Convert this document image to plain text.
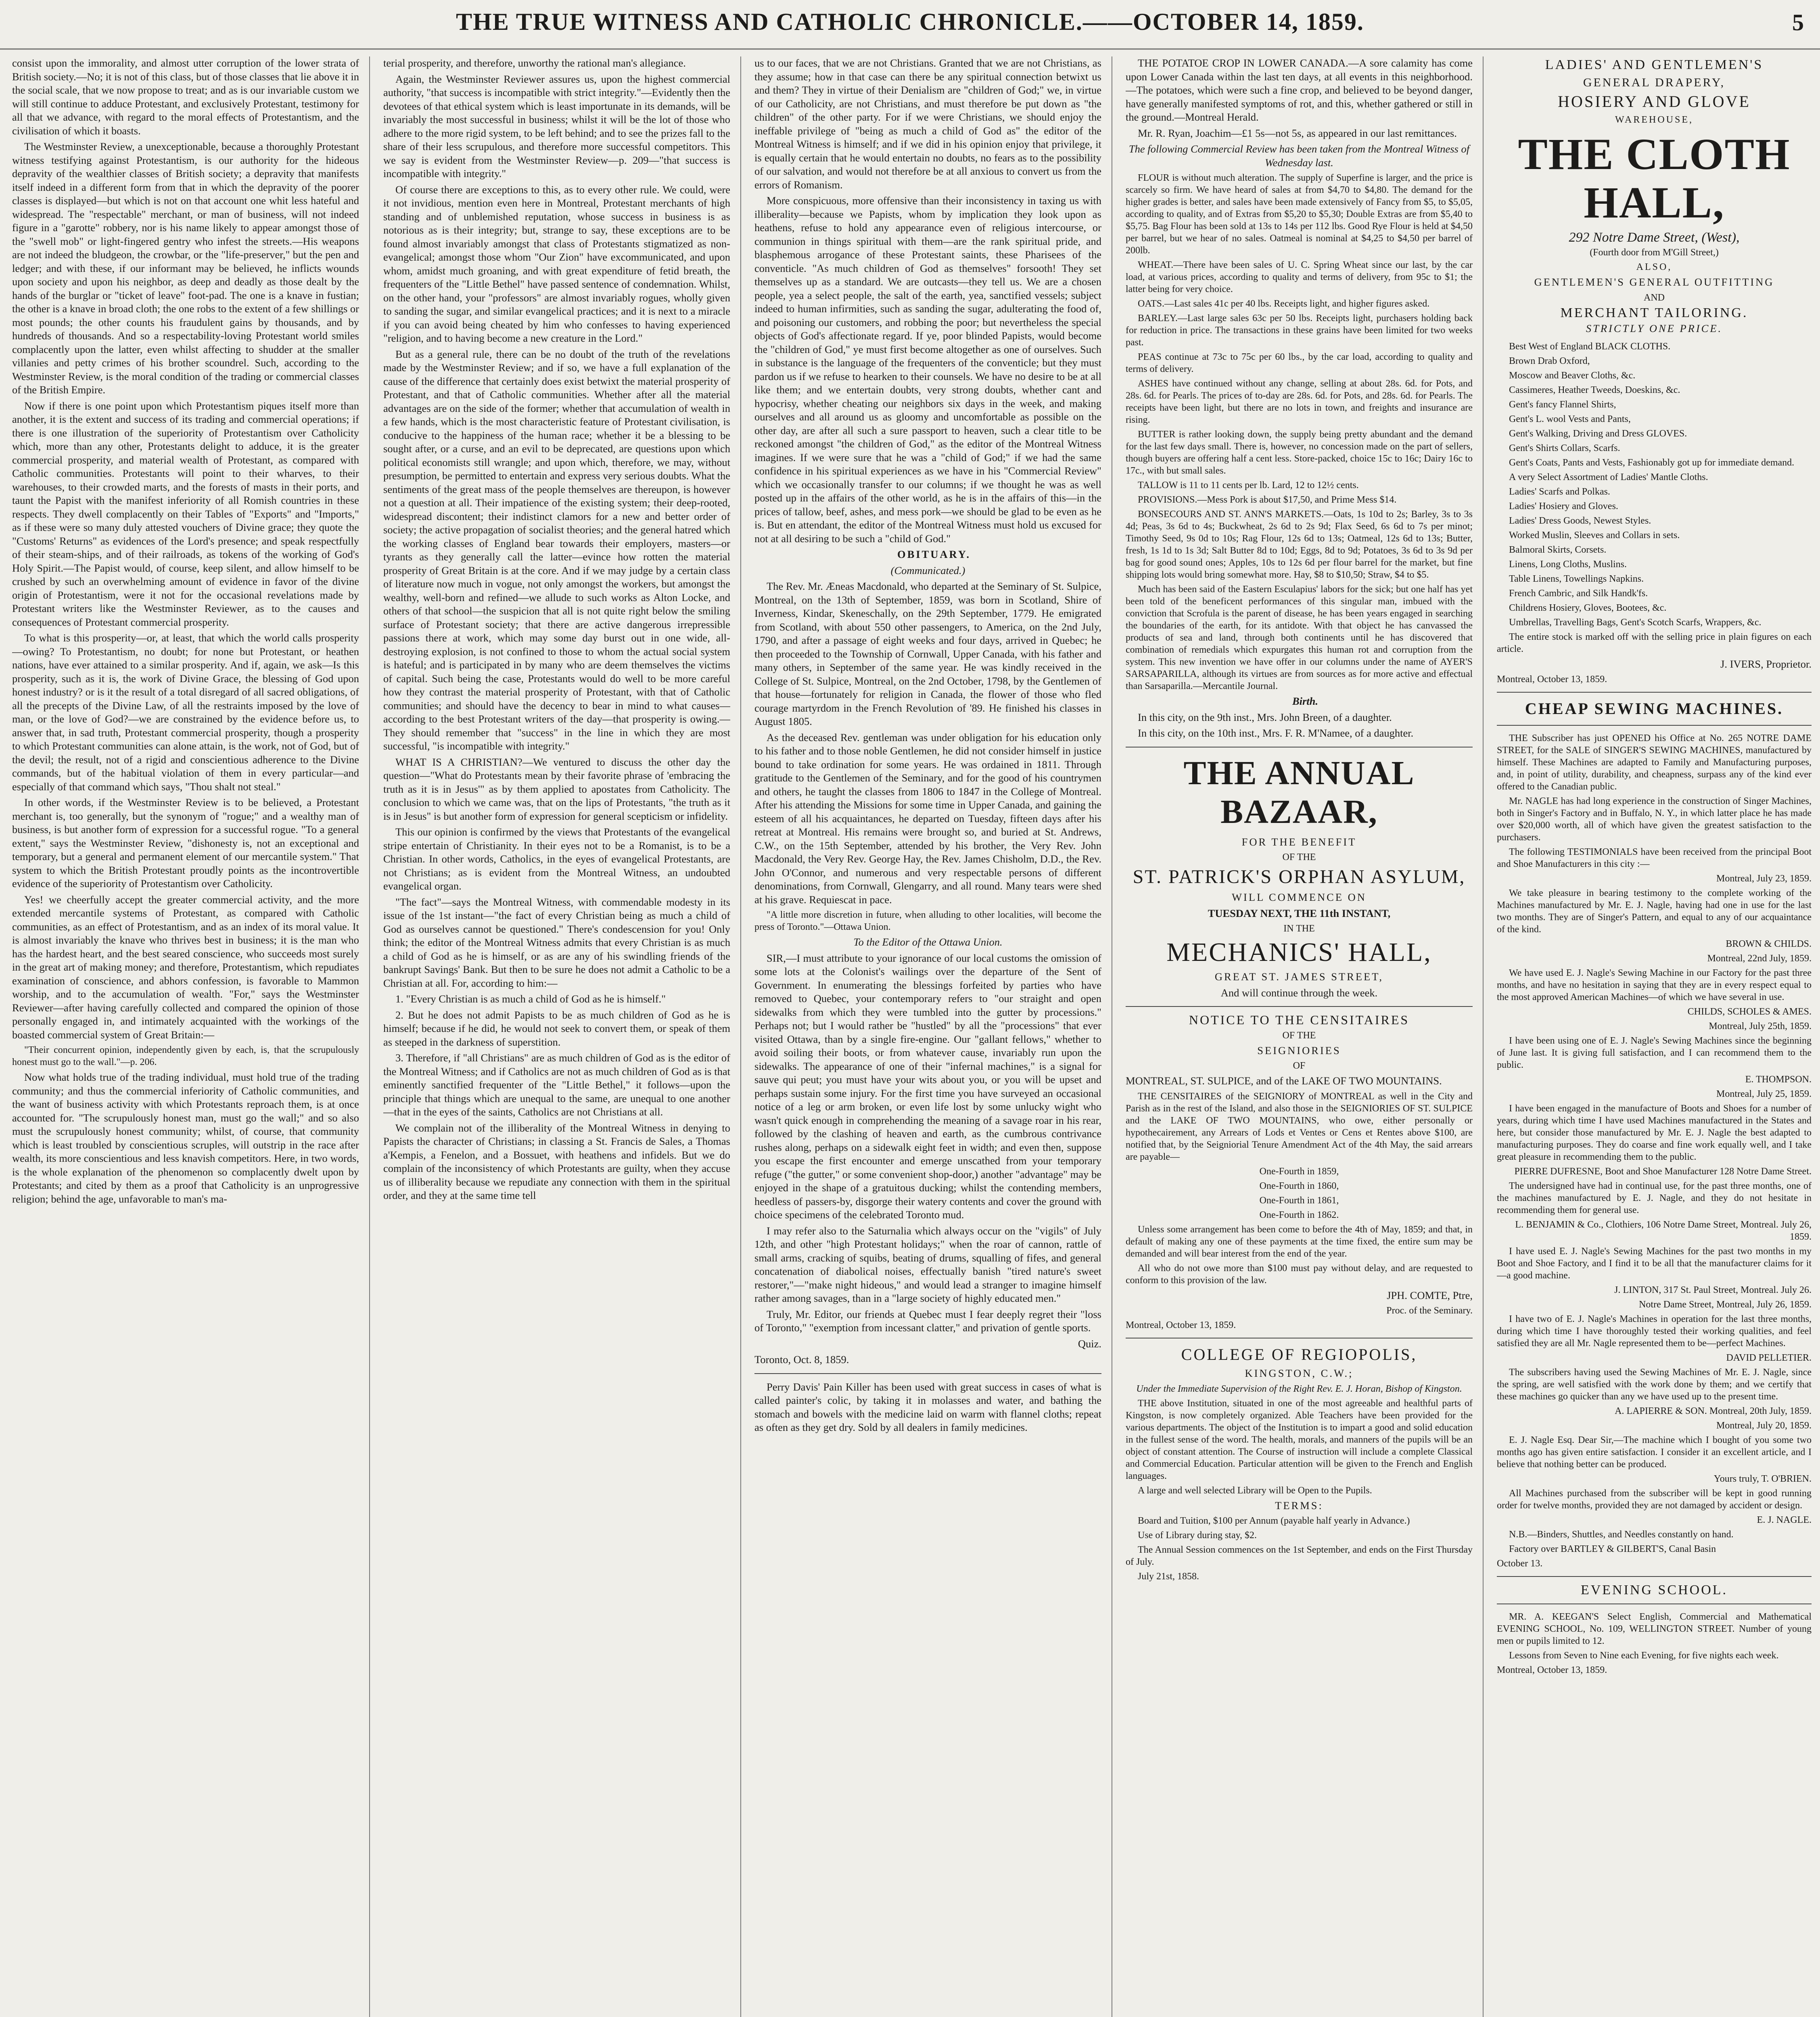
THE TRUE WITNESS AND CATHOLIC CHRONICLE.——OCTOBER 14, 1859.	5

consist upon the immorality, and almost utter corruption of the lower strata of British society.—No; it is not of this class, but of those classes that lie above it in the social scale, that we now propose to treat; and as is our invariable custom we will still continue to adduce Protestant, and exclusively Protestant, testimony for all that we advance, with regard to the moral effects of Protestantism, and the civilisation of which it boasts.

The Westminster Review, a unexceptionable, because a thoroughly Protestant witness testifying against Protestantism, is our authority for the hideous depravity of the wealthier classes of British society; a depravity that manifests itself indeed in a different form from that in which the depravity of the poorer classes is displayed—but which is not on that account one whit less hateful and widespread. The "respectable" merchant, or man of business, will not indeed figure in a "garotte" robbery, nor is his name likely to appear amongst those of the "swell mob" or light-fingered gentry who infest the streets.—His weapons are not indeed the bludgeon, the crowbar, or the "life-preserver," but the pen and ledger; and with these, if our informant may be believed, he inflicts wounds upon society and upon his neighbor, as deep and deadly as those dealt by the hands of the burglar or "ticket of leave" foot-pad. The one is a knave in fustian; the other is a knave in broad cloth; the one robs to the extent of a few shillings or most pounds; the other counts his fraudulent gains by thousands, and by hundreds of thousands. And so a respectability-loving Protestant world smiles complacently upon the latter, even whilst affecting to shudder at the smaller villanies and petty crimes of his brother scoundrel. Such, according to the Westminster Review, is the moral condition of the trading or commercial classes of the British Empire.

Now if there is one point upon which Protestantism piques itself more than another, it is the extent and success of its trading and commercial operations; if there is one illustration of the superiority of Protestantism over Catholicity which, more than any other, Protestants delight to adduce, it is the greater commercial prosperity, and material wealth of Protestant, as compared with Catholic communities. Protestants will point to their wharves, to their warehouses, to their crowded marts, and the forests of masts in their ports, and taunt the Papist with the manifest inferiority of all Romish countries in these respects. They dwell complacently on their Tables of "Exports" and "Imports," as if these were so many duly attested vouchers of Divine grace; they quote the "Customs' Returns" as evidences of the Lord's presence; and speak respectfully of their steam-ships, and of their railroads, as tokens of the working of God's Holy Spirit.—The Papist would, of course, keep silent, and allow himself to be crushed by such an overwhelming amount of evidence in favor of the divine origin of Protestantism, were it not for the occasional revelations made by Protestant writers like the Westminster Reviewer, as to the causes and consequences of Protestant commercial prosperity.

To what is this prosperity—or, at least, that which the world calls prosperity—owing? To Protestantism, no doubt; for none but Protestant, or heathen nations, have ever attained to a similar prosperity. And if, again, we ask—Is this prosperity, such as it is, the work of Divine Grace, the blessing of God upon honest industry? or is it the result of a total disregard of all sacred obligations, of all the precepts of the Divine Law, of all the restraints imposed by the love of man, or the love of God?—we are constrained by the evidence before us, to answer that, in sad truth, Protestant commercial prosperity, though a prosperity to which Protestant communities can alone attain, is the work, not of God, but of the devil; the result, not of a rigid and conscientious adherence to the Divine commands, but of the habitual violation of them in every particular—and especially of that command which says, "Thou shalt not steal."

In other words, if the Westminster Review is to be believed, a Protestant merchant is, too generally, but the synonym of "rogue;" and a wealthy man of business, is but another form of expression for a successful rogue. "To a general extent," says the Westminster Review, "dishonesty is, not an exceptional and temporary, but a general and permanent element of our mercantile system." That system to which the British Protestant proudly points as the incontrovertible evidence of the superiority of Protestantism over Catholicity.

Yes! we cheerfully accept the greater commercial activity, and the more extended mercantile systems of Protestant, as compared with Catholic communities, as an effect of Protestantism, and as an index of its moral value. It is almost invariably the knave who thrives best in business; it is the man who has the hardest heart, and the best seared conscience, who succeeds most surely in the great art of making money; and therefore, Protestantism, which repudiates examination of conscience, and abhors confession, is favorable to Mammon worship, and to the accumulation of wealth. "For," says the Westminster Reviewer—after having carefully collected and compared the opinion of those personally engaged in, and intimately acquainted with the workings of the boasted commercial system of Great Britain:—

"Their concurrent opinion, independently given by each, is, that the scrupulously honest must go to the wall."—p. 206.

Now what holds true of the trading individual, must hold true of the trading community; and thus the commercial inferiority of Catholic communities, and the want of business activity with which Protestants reproach them, is at once accounted for. "The scrupulously honest man, must go the wall;" and so also must the scrupulously honest community; whilst, of course, that community which is least troubled by conscientious scruples, will outstrip in the race after wealth, its more conscientious and less knavish competitors. Here, in two words, is the whole explanation of the phenomenon so complacently dwelt upon by Protestants; and cited by them as a proof that Catholicity is an unprogressive religion; behind the age, unfavorable to man's ma-

terial prosperity, and therefore, unworthy the rational man's allegiance.

Again, the Westminster Reviewer assures us, upon the highest commercial authority, "that success is incompatible with strict integrity."—Evidently then the devotees of that ethical system which is least importunate in its demands, will be invariably the most successful in business; whilst it will be the lot of those who adhere to the more rigid system, to be left behind; and to see the prizes fall to the share of their less scrupulous, and therefore more successful competitors. This we say is evident from the Westminster Review—p. 209—"that success is incompatible with integrity."

Of course there are exceptions to this, as to every other rule. We could, were it not invidious, mention even here in Montreal, Protestant merchants of high standing and of unblemished reputation, whose success in business is as notorious as is their integrity; but, strange to say, these exceptions are to be found almost invariably amongst that class of Protestants stigmatized as non-evangelical; amongst those whom "Our Zion" have excommunicated, and upon whom, amidst much groaning, and with great expenditure of fetid breath, the frequenters of the "Little Bethel" have passed sentence of condemnation. Whilst, on the other hand, your "professors" are almost invariably rogues, wholly given to sanding the sugar, and similar evangelical practices; and it is next to a miracle if you can avoid being cheated by him who confesses to having experienced "religion, and to having become a new creature in the Lord."

But as a general rule, there can be no doubt of the truth of the revelations made by the Westminster Review; and if so, we have a full explanation of the cause of the difference that certainly does exist betwixt the material prosperity of Protestant, and that of Catholic communities. Whether after all the material advantages are on the side of the former; whether that accumulation of wealth in a few hands, which is the most characteristic feature of Protestant civilisation, is conducive to the happiness of the human race; whether it be a blessing to be sought after, or a curse, and an evil to be deprecated, are questions upon which political economists still wrangle; and upon which, therefore, we may, without presumption, be permitted to entertain and express very serious doubts. What the sentiments of the great mass of the people themselves are thereupon, is however not a question at all. Their impatience of the existing system; their deep-rooted, widespread discontent; their indistinct clamors for a new and better order of society; the active propagation of socialist theories; and the general hatred which the working classes of England bear towards their employers, masters—or tyrants as they generally call the latter—evince how rotten the material prosperity of Great Britain is at the core. And if we may judge by a certain class of literature now much in vogue, not only amongst the workers, but amongst the wealthy, well-born and refined—we allude to such works as Alton Locke, and others of that school—the suspicion that all is not quite right below the smiling surface of Protestant society; that there are active dangerous irrepressible passions there at work, which may some day burst out in one wide, all-destroying explosion, is not confined to those to whom the actual social system is hateful; and is participated in by many who are deem themselves the victims of capital. Such being the case, Protestants would do well to be more careful how they contrast the material prosperity of Protestant, with that of Catholic communities; and should have the decency to bear in mind to what causes—according to the best Protestant writers of the day—that prosperity is owing.—They should remember that "success" in the line in which they are most successful, "is incompatible with integrity."

WHAT IS A CHRISTIAN?—We ventured to discuss the other day the question—"What do Protestants mean by their favorite phrase of 'embracing the truth as it is in Jesus'" as by them applied to apostates from Catholicity. The conclusion to which we came was, that on the lips of Protestants, "the truth as it is in Jesus" is but another form of expression for general scepticism or infidelity.

This our opinion is confirmed by the views that Protestants of the evangelical stripe entertain of Christianity. In their eyes not to be a Romanist, is to be a Christian. In other words, Catholics, in the eyes of evangelical Protestants, are not Christians; as is evident from the Montreal Witness, an undoubted evangelical organ.

"The fact"—says the Montreal Witness, with commendable modesty in its issue of the 1st instant—"the fact of every Christian being as much a child of God as ourselves cannot be questioned." There's condescension for you! Only think; the editor of the Montreal Witness admits that every Christian is as much a child of God as he is himself, or as are any of his swindling friends of the bankrupt Savings' Bank. But then to be sure he does not admit a Catholic to be a Christian at all. For, according to him:—

1. "Every Christian is as much a child of God as he is himself."

2. But he does not admit Papists to be as much children of God as he is himself; because if he did, he would not seek to convert them, or speak of them as steeped in the darkness of superstition.

3. Therefore, if "all Christians" are as much children of God as is the editor of the Montreal Witness; and if Catholics are not as much children of God as is that eminently sanctified frequenter of the "Little Bethel," it follows—upon the principle that things which are unequal to the same, are unequal to one another—that in the eyes of the saints, Catholics are not Christians at all.

We complain not of the illiberality of the Montreal Witness in denying to Papists the character of Christians; in classing a St. Francis de Sales, a Thomas a'Kempis, a Fenelon, and a Bossuet, with heathens and infidels. But we do complain of the inconsistency of which Protestants are guilty, when they accuse us of illiberality because we repudiate any connection with them in the spiritual order, and they at the same time tell

us to our faces, that we are not Christians. Granted that we are not Christians, as they assume; how in that case can there be any spiritual connection betwixt us and them? They in virtue of their Denialism are "children of God;" we, in virtue of our Catholicity, are not Christians, and must therefore be put down as "the children" of the other party. For if we were Christians, we should enjoy the ineffable privilege of "being as much a child of God as" the editor of the Montreal Witness is himself; and if we did in his opinion enjoy that privilege, it is equally certain that he would entertain no doubts, no fears as to the possibility of our salvation, and would not therefore be at all anxious to convert us from the errors of Romanism.

More conspicuous, more offensive than their inconsistency in taxing us with illiberality—because we Papists, whom by implication they look upon as heathens, refuse to hold any appearance even of religious intercourse, or communion in things spiritual with them—are the rank spiritual pride, and blasphemous arrogance of these Protestant saints, these Pharisees of the conventicle. "As much children of God as themselves" forsooth! They set themselves up as a standard. We are outcasts—they tell us. We are a chosen people, yea a select people, the salt of the earth, yea, sanctified vessels; subject indeed to human infirmities, such as sanding the sugar, adulterating the food of, and poisoning our customers, and robbing the poor; but nevertheless the special objects of God's affectionate regard. If ye, poor blinded Papists, would become the "children of God," ye must first become altogether as one of ourselves. Such in substance is the language of the frequenters of the conventicle; but they must pardon us if we refuse to hearken to their counsels. We have no desire to be at all like them; and we entertain doubts, very strong doubts, whether cant and hypocrisy, whether cheating our neighbors six days in the week, and making ourselves and all around us as gloomy and uncomfortable as possible on the other day, are after all such a sure passport to heaven, such a clear title to be reckoned amongst "the children of God," as the editor of the Montreal Witness imagines. If we were sure that he was a "child of God;" if we had the same confidence in his spiritual experiences as we have in his "Commercial Review" which we occasionally transfer to our columns; if we thought he was as well posted up in the affairs of the other world, as he is in the affairs of this—in the prices of tallow, beef, ashes, and mess pork—we should be glad to be even as he is. But en attendant, the editor of the Montreal Witness must hold us excused for not at all desiring to be such a "child of God."

OBITUARY.

(Communicated.)

The Rev. Mr. Æneas Macdonald, who departed at the Seminary of St. Sulpice, Montreal, on the 13th of September, 1859, was born in Scotland, Shire of Inverness, Kindar, Skeneschally, on the 29th September, 1779. He emigrated from Scotland, with about 550 other passengers, to America, on the 2nd July, 1790, and after a passage of eight weeks and four days, arrived in Quebec; he then proceeded to the Township of Cornwall, Upper Canada, with his father and many others, in September of the same year. He was kindly received in the College of St. Sulpice, Montreal, on the 2nd October, 1798, by the Gentlemen of that house—fortunately for religion in Canada, the flower of those who fled courage martyrdom in the French Revolution of '89. He finished his classes in August 1805.

As the deceased Rev. gentleman was under obligation for his education only to his father and to those noble Gentlemen, he did not consider himself in justice bound to take ordination for some years. He was ordained in 1811. Through gratitude to the Gentlemen of the Seminary, and for the good of his countrymen and others, he taught the classes from 1806 to 1847 in the College of Montreal. After his attending the Missions for some time in Upper Canada, and gaining the esteem of all his acquaintances, he departed on Tuesday, fifteen days after his retreat at Montreal. His remains were brought so, and buried at St. Andrews, C.W., on the 15th September, attended by his brother, the Very Rev. John Macdonald, the Very Rev. George Hay, the Rev. James Chisholm, D.D., the Rev. John O'Connor, and numerous and very respectable persons of different denominations, from Cornwall, Glengarry, and all round. Many tears were shed at his grave. Requiescat in pace.

"A little more discretion in future, when alluding to other localities, will become the press of Toronto."—Ottawa Union.

To the Editor of the Ottawa Union.

SIR,—I must attribute to your ignorance of our local customs the omission of some lots at the Colonist's wailings over the departure of the Sent of Government. In enumerating the blessings forfeited by parties who have removed to Quebec, your contemporary refers to "our straight and open sidewalks from which they were tumbled into the gutter by processions." Perhaps not; but I would rather be "hustled" by all the "processions" that ever visited Ottawa, than by a single fire-engine. Our "gallant fellows," whether to avoid soiling their boots, or from whatever cause, invariably run upon the sidewalks. The appearance of one of their "infernal machines," is a signal for sauve qui peut; you must have your wits about you, or you will be upset and perhaps sustain some injury. For the first time you have surveyed an occasional notice of a leg or arm broken, or even life lost by some unlucky wight who wasn't quick enough in comprehending the meaning of a savage roar in his rear, followed by the clashing of heaven and earth, as the cumbrous contrivance rushes along, perhaps on a sidewalk eight feet in width; and even then, suppose you escape the first encounter and emerge unscathed from your temporary refuge ("the gutter," or some convenient shop-door,) another "advantage" may be enjoyed in the shape of a gratuitous ducking; whilst the contending members, heedless of passers-by, disgorge their watery contents and cover the ground with choice specimens of the celebrated Toronto mud.

I may refer also to the Saturnalia which always occur on the "vigils" of July 12th, and other "high Protestant holidays;" when the roar of cannon, rattle of small arms, cracking of squibs, beating of drums, squalling of fifes, and general concatenation of diabolical noises, effectually banish "tired nature's sweet restorer,"—"make night hideous," and would lead a stranger to imagine himself rather among savages, than in a "large society of highly educated men."

Truly, Mr. Editor, our friends at Quebec must I fear deeply regret their "loss of Toronto," "exemption from incessant clatter," and privation of gentle sports.

Quiz.

Toronto, Oct. 8, 1859.

Perry Davis' Pain Killer has been used with great success in cases of what is called painter's colic, by taking it in molasses and water, and bathing the stomach and bowels with the medicine laid on warm with flannel cloths; repeat as often as they get dry. Sold by all dealers in family medicines.

THE POTATOE CROP IN LOWER CANADA.—A sore calamity has come upon Lower Canada within the last ten days, at all events in this neighborhood.—The potatoes, which were such a fine crop, and believed to be beyond danger, have generally manifested symptoms of rot, and this, whether gathered or still in the ground.—Montreal Herald.

Mr. R. Ryan, Joachim—£1 5s—not 5s, as appeared in our last remittances.

The following Commercial Review has been taken from the Montreal Witness of Wednesday last.

FLOUR is without much alteration. The supply of Superfine is larger, and the price is scarcely so firm. We have heard of sales at from $4,70 to $4,80. The demand for the higher grades is better, and sales have been made extensively of Fancy from $5, to $5,05, according to quality, and of Extras from $5,20 to $5,30; Double Extras are from $5,40 to $5,75. Bag Flour has been sold at 13s to 14s per 112 lbs. Good Rye Flour is held at $4,50 per barrel, but we hear of no sales. Oatmeal is nominal at $4,25 to $4,50 per barrel of 200lb.

WHEAT.—There have been sales of U. C. Spring Wheat since our last, by the car load, at various prices, according to quality and terms of delivery, from 95c to $1; the latter being for very choice.

OATS.—Last sales 41c per 40 lbs. Receipts light, and higher figures asked.

BARLEY.—Last large sales 63c per 50 lbs. Receipts light, purchasers holding back for reduction in price. The transactions in these grains have been limited for two weeks past.

PEAS continue at 73c to 75c per 60 lbs., by the car load, according to quality and terms of delivery.

ASHES have continued without any change, selling at about 28s. 6d. for Pots, and 28s. 6d. for Pearls. The prices of to-day are 28s. 6d. for Pots, and 28s. 6d. for Pearls. The receipts have been light, but there are no lots in town, and freights and insurance are rising.

BUTTER is rather looking down, the supply being pretty abundant and the demand for the last few days small. There is, however, no concession made on the part of sellers, though buyers are offering half a cent less. Store-packed, choice 15c to 16c; Dairy 16c to 17c., with but small sales.

TALLOW is 11 to 11 cents per lb. Lard, 12 to 12½ cents.

PROVISIONS.—Mess Pork is about $17,50, and Prime Mess $14.

BONSECOURS AND ST. ANN'S MARKETS.—Oats, 1s 10d to 2s; Barley, 3s to 3s 4d; Peas, 3s 6d to 4s; Buckwheat, 2s 6d to 2s 9d; Flax Seed, 6s 6d to 7s per minot; Timothy Seed, 9s 0d to 10s; Rag Flour, 12s 6d to 13s; Oatmeal, 12s 6d to 13s; Butter, fresh, 1s 1d to 1s 3d; Salt Butter 8d to 10d; Eggs, 8d to 9d; Potatoes, 3s 6d to 3s 9d per bag for good sound ones; Apples, 10s to 12s 6d per flour barrel for the market, but fine shipping lots would bring somewhat more. Hay, $8 to $10,50; Straw, $4 to $5.

Much has been said of the Eastern Esculapius' labors for the sick; but one half has yet been told of the beneficent performances of this singular man, imbued with the conviction that Scrofula is the parent of disease, he has been years engaged in searching the boundaries of the earth, for its antidote. With that object he has canvassed the products of sea and land, through both continents until he has discovered that combination of remedials which expurgates this human rot and corruption from the system. This new invention we have offer in our columns under the name of AYER'S SARSAPARILLA, although its virtues are from sources as for more active and effectual than Sarsaparilla.—Mercantile Journal.

Birth.

In this city, on the 9th inst., Mrs. John Breen, of a daughter.

In this city, on the 10th inst., Mrs. F. R. M'Namee, of a daughter.

THE ANNUAL BAZAAR,

FOR THE BENEFIT

OF THE

ST. PATRICK'S ORPHAN ASYLUM,

WILL COMMENCE ON

TUESDAY NEXT, THE 11th INSTANT,

IN THE

MECHANICS' HALL,

GREAT ST. JAMES STREET,

And will continue through the week.

NOTICE TO THE CENSITAIRES

OF THE

SEIGNIORIES

OF

MONTREAL, ST. SULPICE, and of the LAKE OF TWO MOUNTAINS.

THE CENSITAIRES of the SEIGNIORY of MONTREAL as well in the City and Parish as in the rest of the Island, and also those in the SEIGNIORIES OF ST. SULPICE and the LAKE OF TWO MOUNTAINS, who owe, either personally or hypothecairement, any Arrears of Lods et Ventes or Cens et Rentes above $100, are notified that, by the Seigniorial Tenure Amendment Act of the 4th May, the said arrears are payable—

One-Fourth in 1859,

One-Fourth in 1860,

One-Fourth in 1861,

One-Fourth in 1862.

Unless some arrangement has been come to before the 4th of May, 1859; and that, in default of making any one of these payments at the time fixed, the entire sum may be demanded and will bear interest from the end of the year.

All who do not owe more than $100 must pay without delay, and are requested to conform to this provision of the law.

JPH. COMTE, Ptre,

Proc. of the Seminary.

Montreal, October 13, 1859.

COLLEGE OF REGIOPOLIS,

KINGSTON, C.W.;

Under the Immediate Supervision of the Right Rev. E. J. Horan, Bishop of Kingston.

THE above Institution, situated in one of the most agreeable and healthful parts of Kingston, is now completely organized. Able Teachers have been provided for the various departments. The object of the Institution is to impart a good and solid education in the fullest sense of the word. The health, morals, and manners of the pupils will be an object of constant attention. The Course of instruction will include a complete Classical and Commercial Education. Particular attention will be given to the French and English languages.

A large and well selected Library will be Open to the Pupils.

TERMS:

Board and Tuition, $100 per Annum (payable half yearly in Advance.)

Use of Library during stay, $2.

The Annual Session commences on the 1st September, and ends on the First Thursday of July.

July 21st, 1858.

LADIES' AND GENTLEMEN'S

GENERAL DRAPERY,

HOSIERY AND GLOVE

WAREHOUSE,

THE CLOTH HALL,

292 Notre Dame Street, (West),

(Fourth door from M'Gill Street,)

ALSO,

GENTLEMEN'S GENERAL OUTFITTING

AND

MERCHANT TAILORING.

STRICTLY ONE PRICE.

Best West of England BLACK CLOTHS.

Brown Drab Oxford,

Moscow and Beaver Cloths, &c.

Cassimeres, Heather Tweeds, Doeskins, &c.

Gent's fancy Flannel Shirts,

Gent's L. wool Vests and Pants,

Gent's Walking, Driving and Dress GLOVES.

Gent's Shirts Collars, Scarfs.

Gent's Coats, Pants and Vests, Fashionably got up for immediate demand.

A very Select Assortment of Ladies' Mantle Cloths.

Ladies' Scarfs and Polkas.

Ladies' Hosiery and Gloves.

Ladies' Dress Goods, Newest Styles.

Worked Muslin, Sleeves and Collars in sets.

Balmoral Skirts, Corsets.

Linens, Long Cloths, Muslins.

Table Linens, Towellings Napkins.

French Cambric, and Silk Handk'fs.

Childrens Hosiery, Gloves, Bootees, &c.

Umbrellas, Travelling Bags, Gent's Scotch Scarfs, Wrappers, &c.

The entire stock is marked off with the selling price in plain figures on each article.

J. IVERS, Proprietor.

Montreal, October 13, 1859.

CHEAP SEWING MACHINES.

THE Subscriber has just OPENED his Office at No. 265 NOTRE DAME STREET, for the SALE of SINGER'S SEWING MACHINES, manufactured by himself. These Machines are adapted to Family and Manufacturing purposes, and, in point of utility, durability, and cheapness, surpass any of the kind ever offered to the Canadian public.

Mr. NAGLE has had long experience in the construction of Singer Machines, both in Singer's Factory and in Buffalo, N. Y., in which latter place he has made over $20,000 worth, all of which have given the greatest satisfaction to the purchasers.

The following TESTIMONIALS have been received from the principal Boot and Shoe Manufacturers in this city :—

Montreal, July 23, 1859.

We take pleasure in bearing testimony to the complete working of the Machines manufactured by Mr. E. J. Nagle, having had one in use for the last two months. They are of Singer's Pattern, and equal to any of our acquaintance of the kind.

BROWN & CHILDS.

Montreal, 22nd July, 1859.

We have used E. J. Nagle's Sewing Machine in our Factory for the past three months, and have no hesitation in saying that they are in every respect equal to the most approved American Machines—of which we have several in use.

CHILDS, SCHOLES & AMES.

Montreal, July 25th, 1859.

I have been using one of E. J. Nagle's Sewing Machines since the beginning of June last. It is giving full satisfaction, and I can recommend them to the public.

E. THOMPSON.

Montreal, July 25, 1859.

I have been engaged in the manufacture of Boots and Shoes for a number of years, during which time I have used Machines manufactured in the States and here, but consider those manufactured by Mr. E. J. Nagle the best adapted to manufacturing purposes. They do coarse and fine work equally well, and I take great pleasure in recommending them to the public.

PIERRE DUFRESNE, Boot and Shoe Manufacturer 128 Notre Dame Street.

The undersigned have had in continual use, for the past three months, one of the machines manufactured by E. J. Nagle, and they do not hesitate in recommending them for general use.

L. BENJAMIN & Co., Clothiers, 106 Notre Dame Street, Montreal. July 26, 1859.

I have used E. J. Nagle's Sewing Machines for the past two months in my Boot and Shoe Factory, and I find it to be all that the manufacturer claims for it—a good machine.

J. LINTON, 317 St. Paul Street, Montreal. July 26.

Notre Dame Street, Montreal, July 26, 1859.

I have two of E. J. Nagle's Machines in operation for the last three months, during which time I have thoroughly tested their working qualities, and feel satisfied they are all Mr. Nagle represented them to be—perfect Machines.

DAVID PELLETIER.

The subscribers having used the Sewing Machines of Mr. E. J. Nagle, since the spring, are well satisfied with the work done by them; and we certify that these machines go quicker than any we have used up to the present time.

A. LAPIERRE & SON. Montreal, 20th July, 1859.

Montreal, July 20, 1859.

E. J. Nagle Esq. Dear Sir,—The machine which I bought of you some two months ago has given entire satisfaction. I consider it an excellent article, and I believe that nothing better can be produced.

Yours truly, T. O'BRIEN.

All Machines purchased from the subscriber will be kept in good running order for twelve months, provided they are not damaged by accident or design.

E. J. NAGLE.

N.B.—Binders, Shuttles, and Needles constantly on hand.

Factory over BARTLEY & GILBERT'S, Canal Basin

October 13.

EVENING SCHOOL.

MR. A. KEEGAN'S Select English, Commercial and Mathematical EVENING SCHOOL, No. 109, WELLINGTON STREET. Number of young men or pupils limited to 12.

Lessons from Seven to Nine each Evening, for five nights each week.

Montreal, October 13, 1859.
